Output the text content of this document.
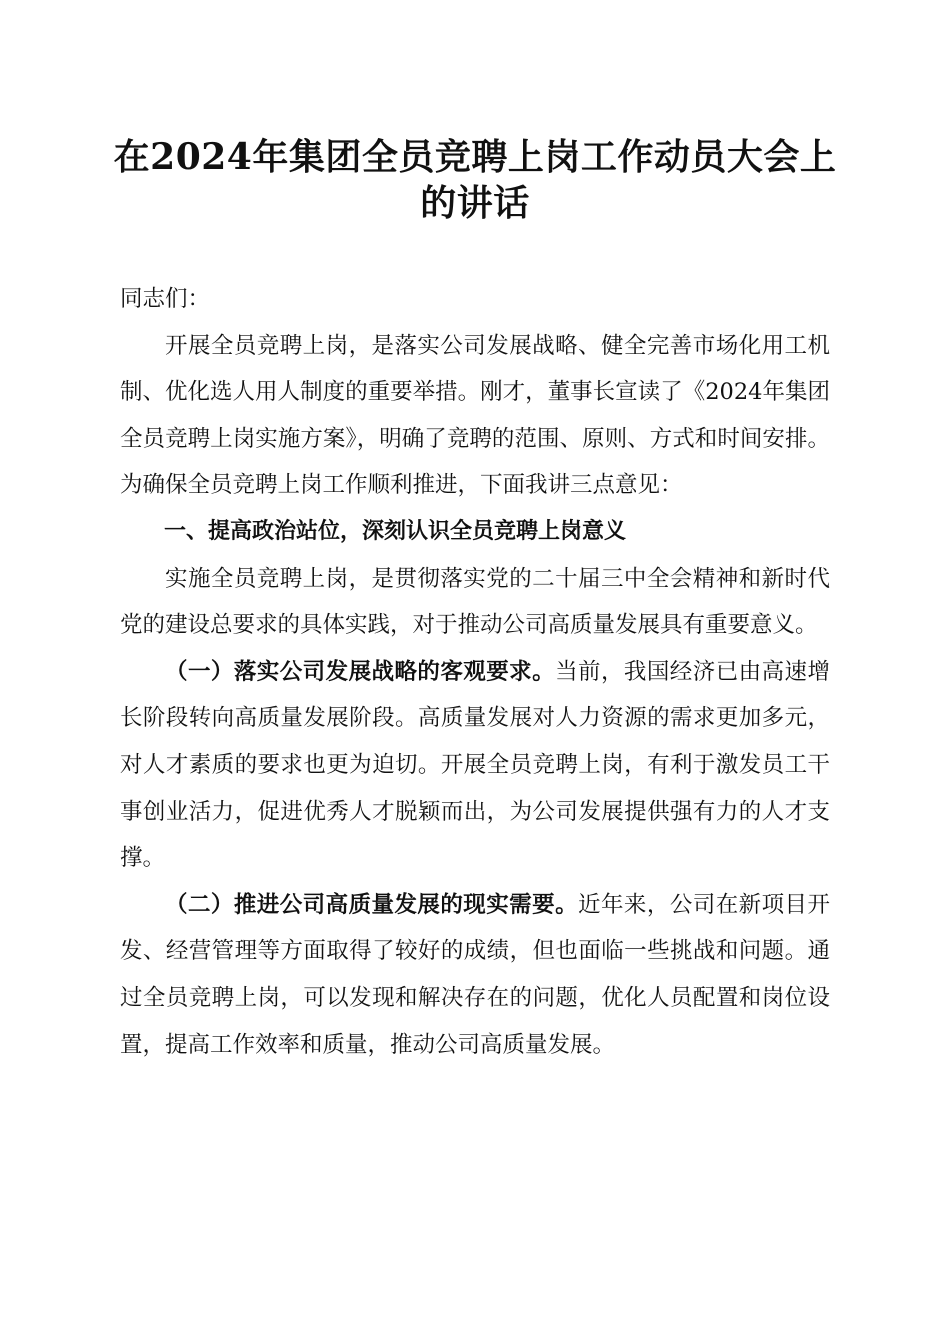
在2024年集团全员竞聘上岗工作动员大会上
的讲话

同志们：

开展全员竞聘上岗，是落实公司发展战略、健全完善市场化用工机制、优化选人用人制度的重要举措。刚才，董事长宣读了《2024年集团全员竞聘上岗实施方案》，明确了竞聘的范围、原则、方式和时间安排。为确保全员竞聘上岗工作顺利推进，下面我讲三点意见：

一、提高政治站位，深刻认识全员竞聘上岗意义

实施全员竞聘上岗，是贯彻落实党的二十届三中全会精神和新时代党的建设总要求的具体实践，对于推动公司高质量发展具有重要意义。

（一）落实公司发展战略的客观要求。当前，我国经济已由高速增长阶段转向高质量发展阶段。高质量发展对人力资源的需求更加多元，对人才素质的要求也更为迫切。开展全员竞聘上岗，有利于激发员工干事创业活力，促进优秀人才脱颖而出，为公司发展提供强有力的人才支撑。

（二）推进公司高质量发展的现实需要。近年来，公司在新项目开发、经营管理等方面取得了较好的成绩，但也面临一些挑战和问题。通过全员竞聘上岗，可以发现和解决存在的问题，优化人员配置和岗位设置，提高工作效率和质量，推动公司高质量发展。
